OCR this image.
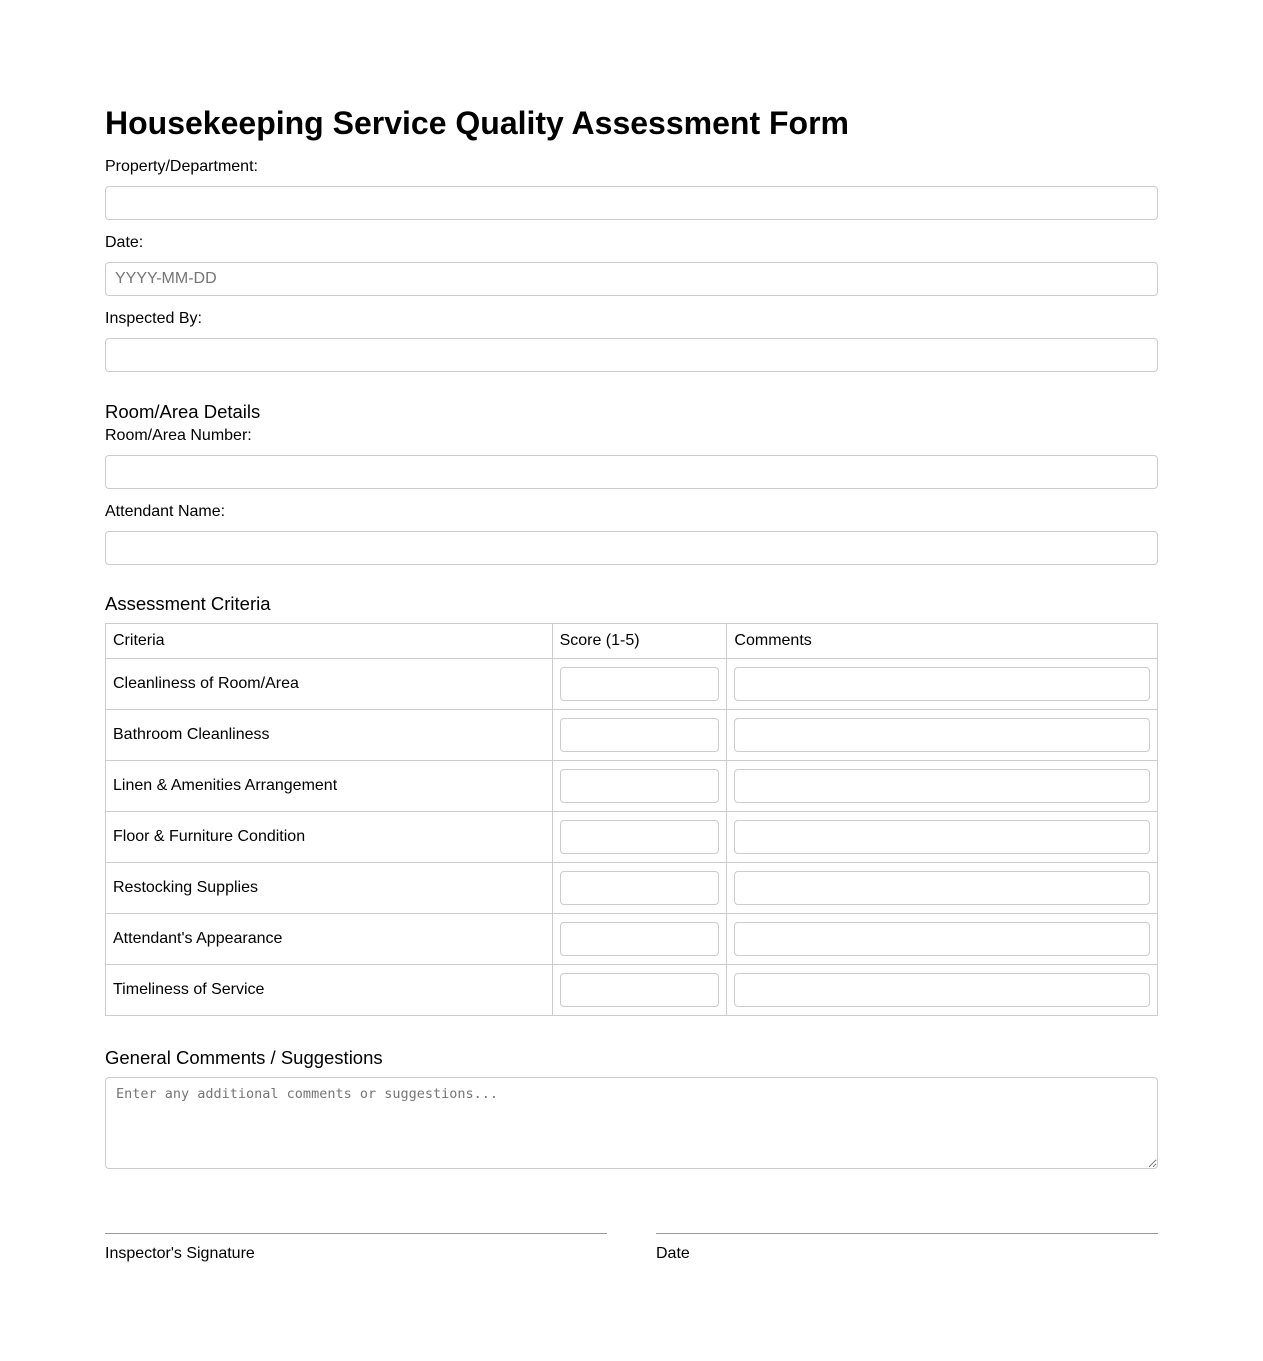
Housekeeping Service Quality Assessment Form
Property/Department:
Date:
YYYY-MM-DD
Inspected By:
Room/Area Details
Room/Area Number:
Attendant Name:
Assessment Criteria
Criteria	Score (1-5)	Comments
Cleanliness of Room/Area	

Bathroom Cleanliness	

Linen & Amenities Arrangement	

Floor & Furniture Condition	

Restocking Supplies	

Attendant's Appearance	

Timeliness of Service	

General Comments / Suggestions
Enter any additional comments or suggestions...
Inspector's Signature	Date
